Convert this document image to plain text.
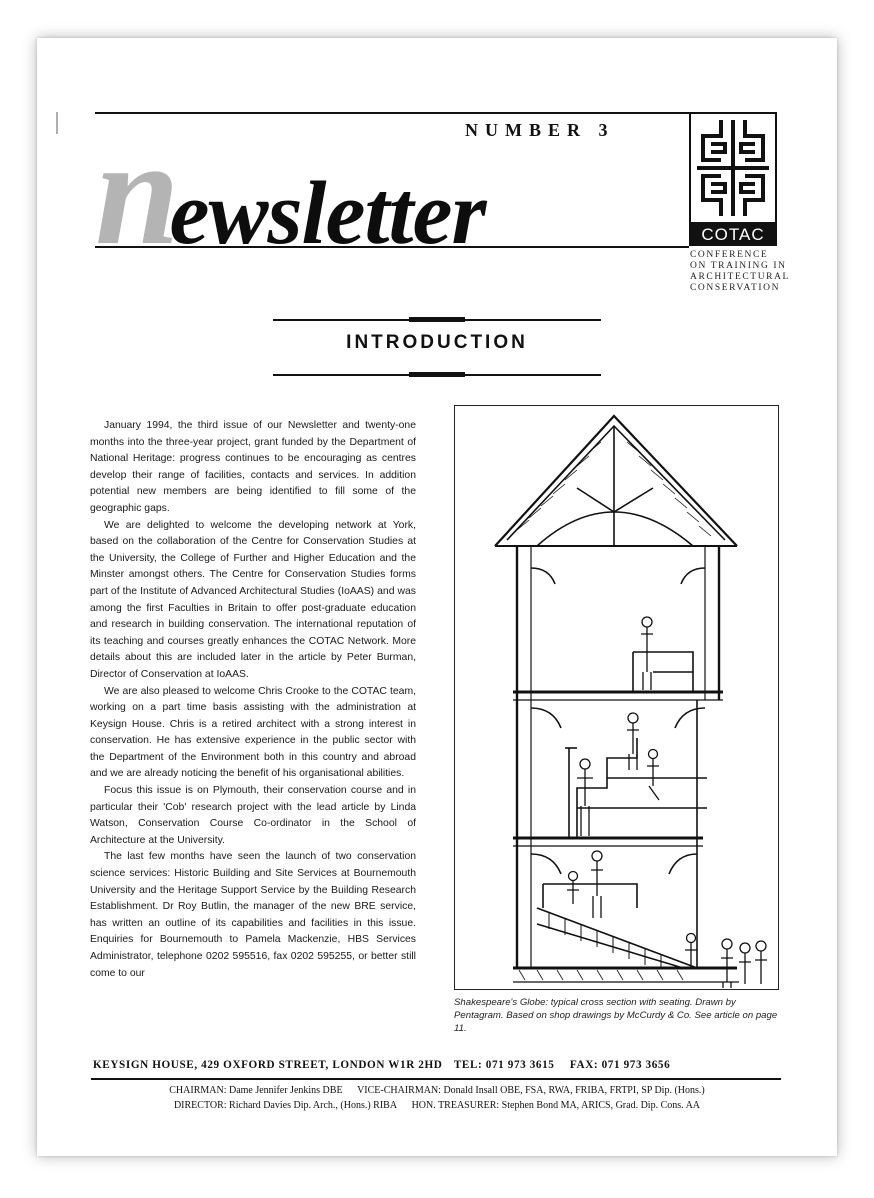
NUMBER 3
newsletter	COTAC
CONFERENCE
ON TRAINING IN
ARCHITECTURAL
CONSERVATION
INTRODUCTION

January 1994, the third issue of our Newsletter and twenty-one months into the three-year project, grant funded by the Department of National Heritage: progress continues to be encouraging as centres develop their range of facilities, contacts and services. In addition potential new members are being identified to fill some of the geographic gaps.

We are delighted to welcome the developing network at York, based on the collaboration of the Centre for Conservation Studies at the University, the College of Further and Higher Education and the Minster amongst others. The Centre for Conservation Studies forms part of the Institute of Advanced Architectural Studies (IoAAS) and was among the first Faculties in Britain to offer post-graduate education and research in building conservation. The international reputation of its teaching and courses greatly enhances the COTAC Network. More details about this are included later in the article by Peter Burman, Director of Conservation at IoAAS.

We are also pleased to welcome Chris Crooke to the COTAC team, working on a part time basis assisting with the administration at Keysign House. Chris is a retired architect with a strong interest in conservation. He has extensive experience in the public sector with the Department of the Environment both in this country and abroad and we are already noticing the benefit of his organisational abilities.

Focus this issue is on Plymouth, their conservation course and in particular their 'Cob' research project with the lead article by Linda Watson, Conservation Course Co-ordinator in the School of Architecture at the University.

The last few months have seen the launch of two conservation science services: Historic Building and Site Services at Bournemouth University and the Heritage Support Service by the Building Research Establishment. Dr Roy Butlin, the manager of the new BRE service, has written an outline of its capabilities and facilities in this issue. Enquiries for Bournemouth to Pamela Mackenzie, HBS Services Administrator, telephone 0202 595516, fax 0202 595255, or better still come to our

Shakespeare's Globe: typical cross section with seating. Drawn by Pentagram. Based on shop drawings by McCurdy & Co. See article on page 11.
KEYSIGN HOUSE, 429 OXFORD STREET, LONDON W1R 2HD TEL: 071 973 3615 FAX: 071 973 3656
CHAIRMAN: Dame Jennifer Jenkins DBE VICE-CHAIRMAN: Donald Insall OBE, FSA, RWA, FRIBA, FRTPI, SP Dip. (Hons.)
DIRECTOR: Richard Davies Dip. Arch., (Hons.) RIBA HON. TREASURER: Stephen Bond MA, ARICS, Grad. Dip. Cons. AA
